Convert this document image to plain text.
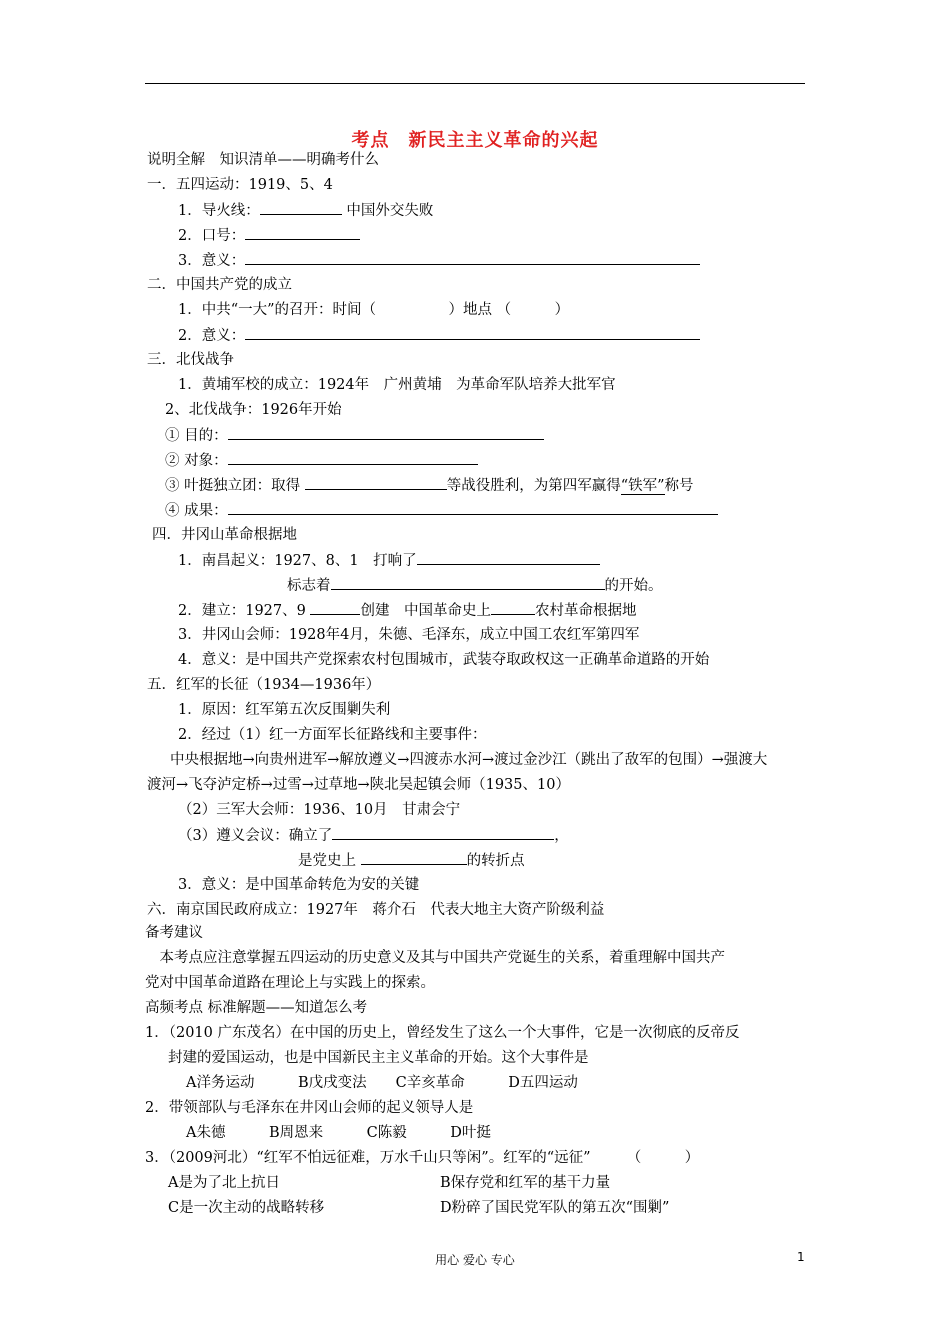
考点　新民主主义革命的兴起
说明全解　知识清单——明确考什么
一．五四运动：1919、5、4
1．导火线：	中国外交失败
2．口号：
3．意义：
二．中国共产党的成立
1．中共“一大”的召开：时间（　　　　　）地点 （　　　）
2．意义：
三．北伐战争
1．黄埔军校的成立：1924年　广州黄埔　为革命军队培养大批军官
2、北伐战争：1926年开始
① 目的：
② 对象：
③ 叶挺独立团：取得	等战役胜利，为第四军赢得“铁军”称号
④ 成果：
四．井冈山革命根据地
1．南昌起义：1927、8、1　打响了
标志着	的开始。
2．建立：1927、9	创建　中国革命史上	农村革命根据地
3．井冈山会师：1928年4月，朱德、毛泽东，成立中国工农红军第四军
4．意义：是中国共产党探索农村包围城市，武装夺取政权这一正确革命道路的开始
五．红军的长征（1934—1936年）
1．原因：红军第五次反围剿失利
2．经过（1）红一方面军长征路线和主要事件：
中央根据地→向贵州进军→解放遵义→四渡赤水河→渡过金沙江（跳出了敌军的包围）→强渡大
渡河→飞夺泸定桥→过雪→过草地→陕北吴起镇会师（1935、10）
（2）三军大会师：1936、10月　甘肃会宁
（3）遵义会议：确立了	，
是党史上	的转折点
3．意义：是中国革命转危为安的关键
六．南京国民政府成立：1927年　蒋介石　代表大地主大资产阶级利益
备考建议
　本考点应注意掌握五四运动的历史意义及其与中国共产党诞生的关系，着重理解中国共产
党对中国革命道路在理论上与实践上的探索。
高频考点 标准解题——知道怎么考
1．（2010 广东茂名）在中国的历史上，曾经发生了这么一个大事件，它是一次彻底的反帝反
封建的爱国运动，也是中国新民主主义革命的开始。这个大事件是
A洋务运动　　　B戊戌变法　　C辛亥革命　　　D五四运动
2．带领部队与毛泽东在井冈山会师的起义领导人是
A朱德　　　B周恩来　　　C陈毅　　　D叶挺
3．（2009河北）“红军不怕远征难，万水千山只等闲”。红军的“远征”　　　（　　　）
A是为了北上抗日	B保存党和红军的基干力量
C是一次主动的战略转移	D粉碎了国民党军队的第五次“围剿”
用心 爱心 专心	1
